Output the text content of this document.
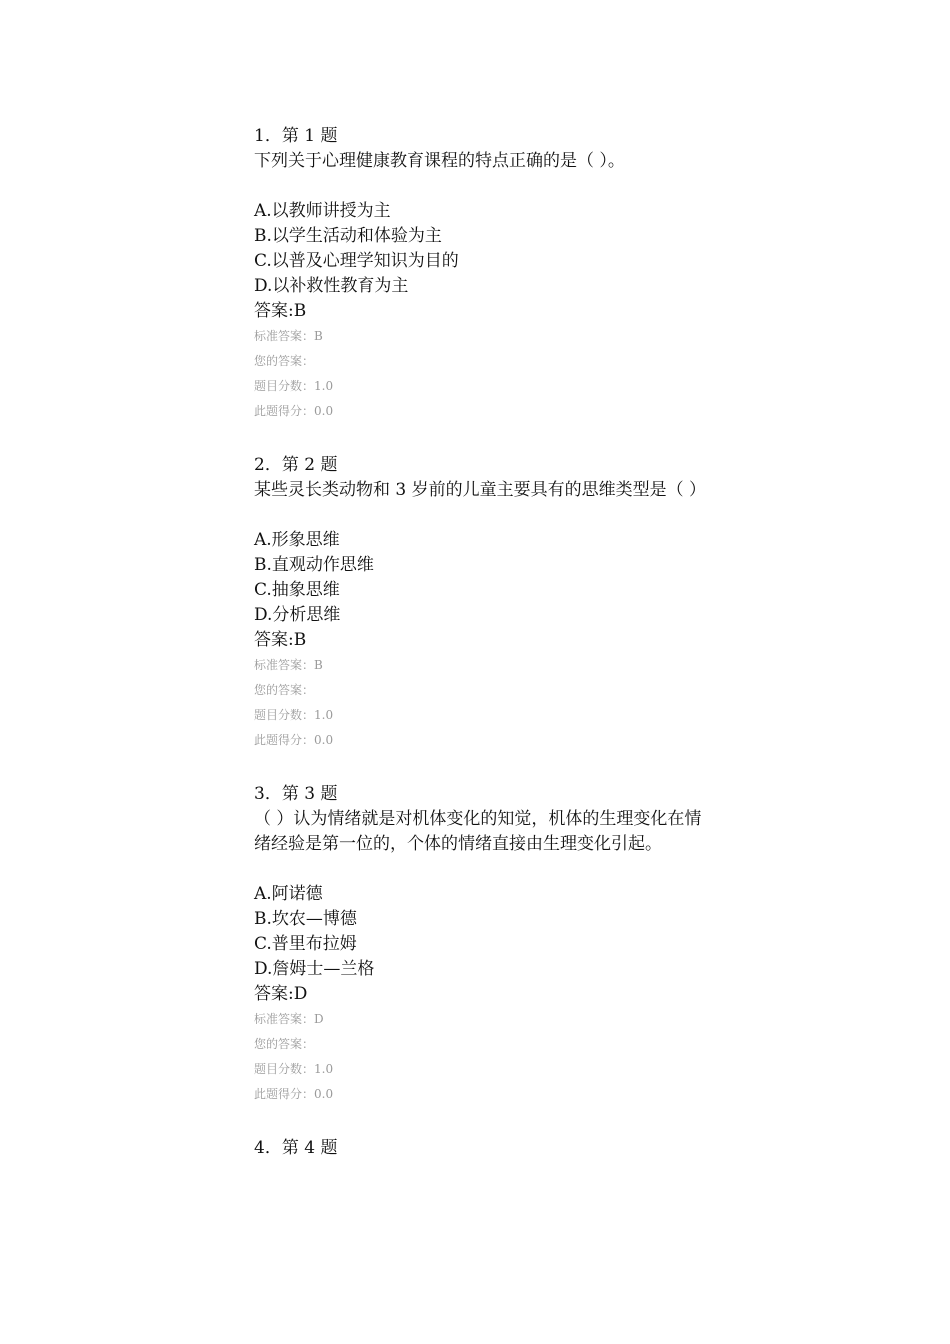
1．第 1 题
下列关于心理健康教育课程的特点正确的是（ ）。
A.以教师讲授为主
B.以学生活动和体验为主
C.以普及心理学知识为目的
D.以补救性教育为主
答案:B
标准答案：B
您的答案：
题目分数：1.0
此题得分：0.0
2．第 2 题
某些灵长类动物和 3 岁前的儿童主要具有的思维类型是（ ）
A.形象思维
B.直观动作思维
C.抽象思维
D.分析思维
答案:B
标准答案：B
您的答案：
题目分数：1.0
此题得分：0.0
3．第 3 题
（ ）认为情绪就是对机体变化的知觉，机体的生理变化在情绪经验是第一位的，个体的情绪直接由生理变化引起。
A.阿诺德
B.坎农—博德
C.普里布拉姆
D.詹姆士—兰格
答案:D
标准答案：D
您的答案：
题目分数：1.0
此题得分：0.0
4．第 4 题
